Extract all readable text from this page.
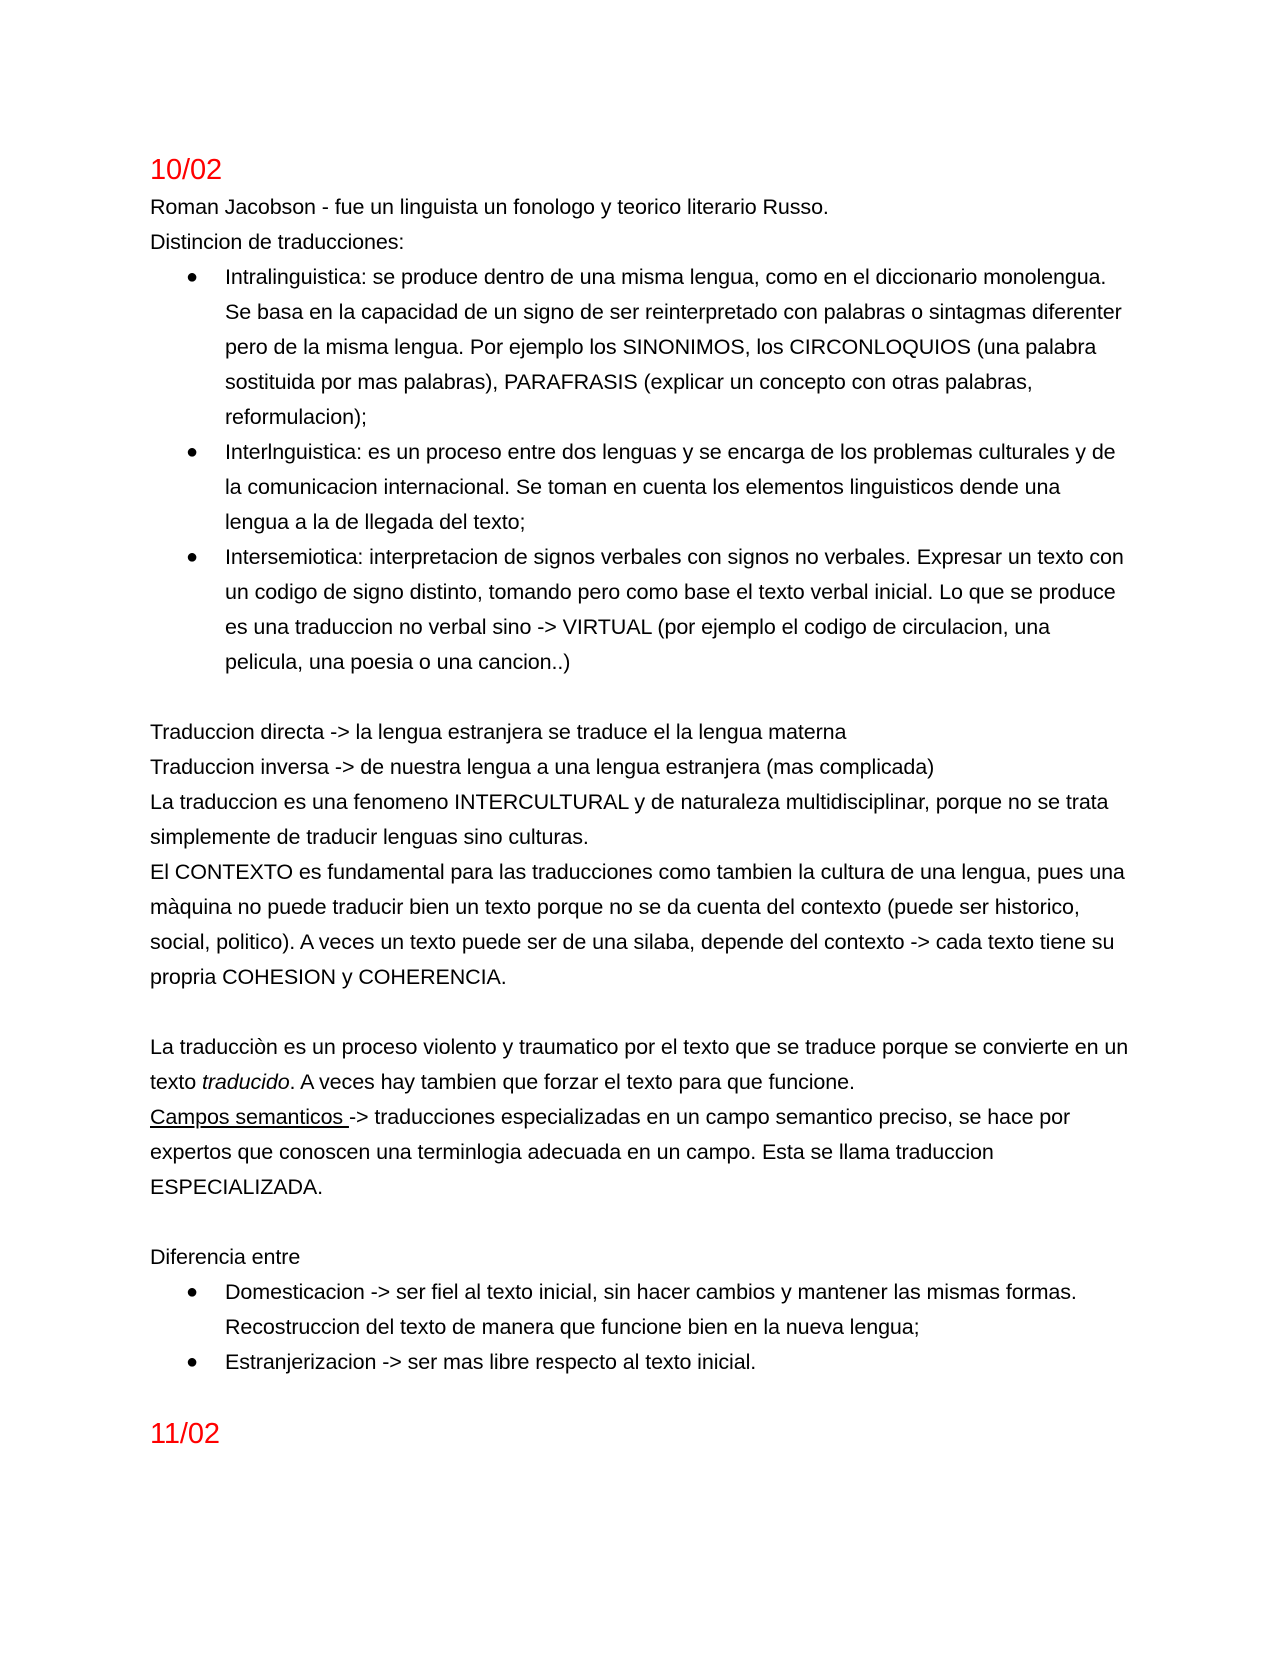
10/02

Roman Jacobson - fue un linguista un fonologo y teorico literario Russo.

Distincion de traducciones:

● Intralinguistica: se produce dentro de una misma lengua, como en el diccionario monolengua. Se basa en la capacidad de un signo de ser reinterpretado con palabras o sintagmas diferenter pero de la misma lengua. Por ejemplo los SINONIMOS, los CIRCONLOQUIOS (una palabra sostituida por mas palabras), PARAFRASIS (explicar un concepto con otras palabras, reformulacion);
● Interlnguistica: es un proceso entre dos lenguas y se encarga de los problemas culturales y de la comunicacion internacional. Se toman en cuenta los elementos linguisticos dende una lengua a la de llegada del texto;
● Intersemiotica: interpretacion de signos verbales con signos no verbales. Expresar un texto con un codigo de signo distinto, tomando pero como base el texto verbal inicial. Lo que se produce es una traduccion no verbal sino -> VIRTUAL (por ejemplo el codigo de circulacion, una pelicula, una poesia o una cancion..)

Traduccion directa -> la lengua estranjera se traduce el la lengua materna

Traduccion inversa -> de nuestra lengua a una lengua estranjera (mas complicada)

La traduccion es una fenomeno INTERCULTURAL y de naturaleza multidisciplinar, porque no se trata simplemente de traducir lenguas sino culturas.

El CONTEXTO es fundamental para las traducciones como tambien la cultura de una lengua, pues una màquina no puede traducir bien un texto porque no se da cuenta del contexto (puede ser historico, social, politico). A veces un texto puede ser de una silaba, depende del contexto -> cada texto tiene su propria COHESION y COHERENCIA.

La traducciòn es un proceso violento y traumatico por el texto que se traduce porque se convierte en un texto traducido. A veces hay tambien que forzar el texto para que funcione.

Campos semanticos -> traducciones especializadas en un campo semantico preciso, se hace por expertos que conoscen una terminlogia adecuada en un campo. Esta se llama traduccion ESPECIALIZADA.

Diferencia entre

● Domesticacion -> ser fiel al texto inicial, sin hacer cambios y mantener las mismas formas. Recostruccion del texto de manera que funcione bien en la nueva lengua;
● Estranjerizacion -> ser mas libre respecto al texto inicial.
11/02
